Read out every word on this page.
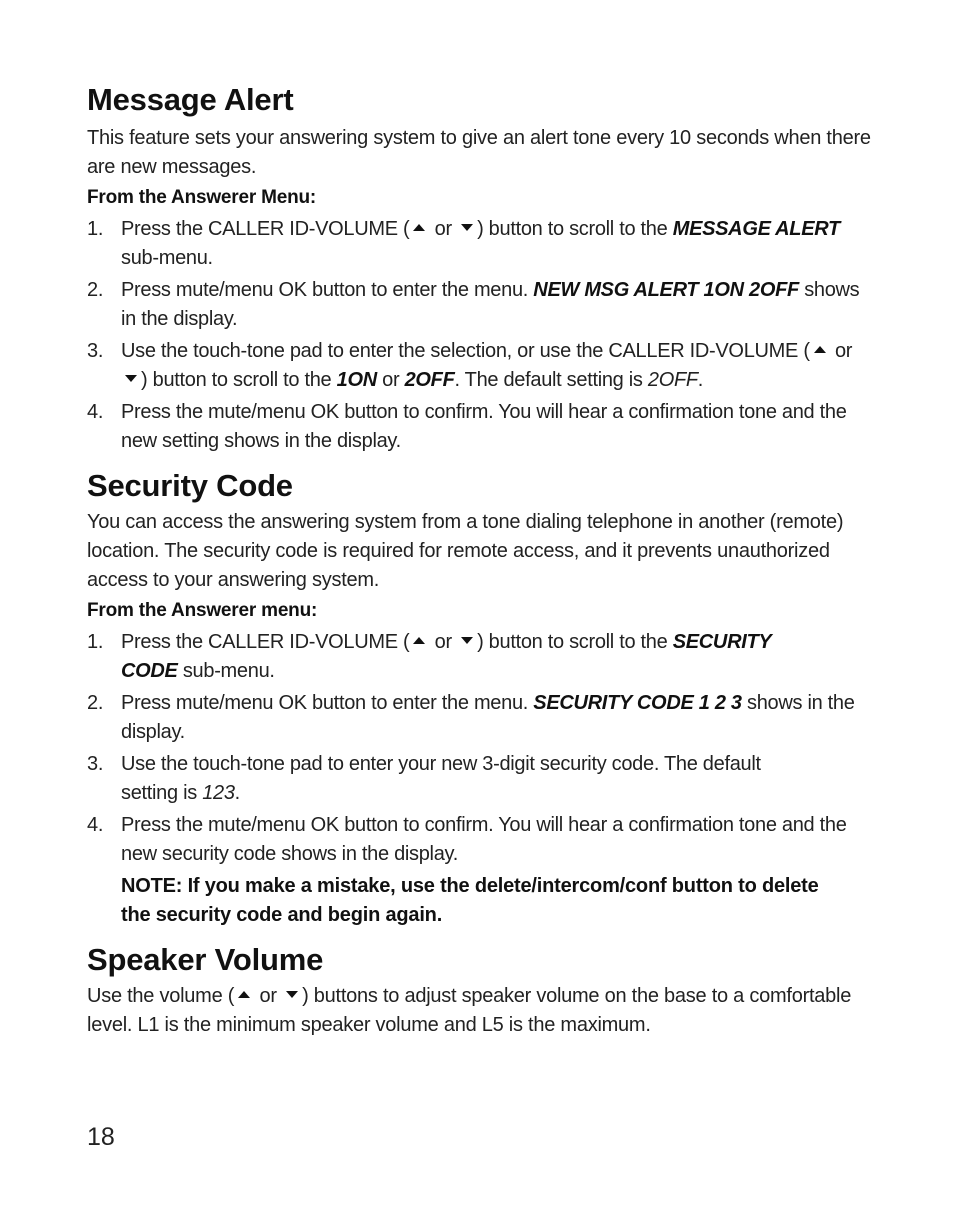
Message Alert

This feature sets your answering system to give an alert tone every 10 seconds when there are new messages.

From the Answerer Menu:

1. Press the CALLER ID-VOLUME ( or ) button to scroll to the MESSAGE ALERT sub-menu.
2. Press mute/menu OK button to enter the menu. NEW MSG ALERT 1ON 2OFF shows in the display.
3. Use the touch-tone pad to enter the selection, or use the CALLER ID-VOLUME ( or ) button to scroll to the 1ON or 2OFF. The default setting is 2OFF.
4. Press the mute/menu OK button to confirm. You will hear a confirmation tone and the new setting shows in the display.
Security Code

You can access the answering system from a tone dialing telephone in another (remote) location. The security code is required for remote access, and it prevents unauthorized access to your answering system.

From the Answerer menu:

1. Press the CALLER ID-VOLUME ( or ) button to scroll to the SECURITY CODE sub-menu.
2. Press mute/menu OK button to enter the menu. SECURITY CODE 1 2 3 shows in the display.
3. Use the touch-tone pad to enter your new 3-digit security code. The default setting is 123.
4. Press the mute/menu OK button to confirm. You will hear a confirmation tone and the new security code shows in the display.

NOTE: If you make a mistake, use the delete/intercom/conf button to delete the security code and begin again.

Speaker Volume

Use the volume ( or ) buttons to adjust speaker volume on the base to a comfortable level. L1 is the minimum speaker volume and L5 is the maximum.

18
